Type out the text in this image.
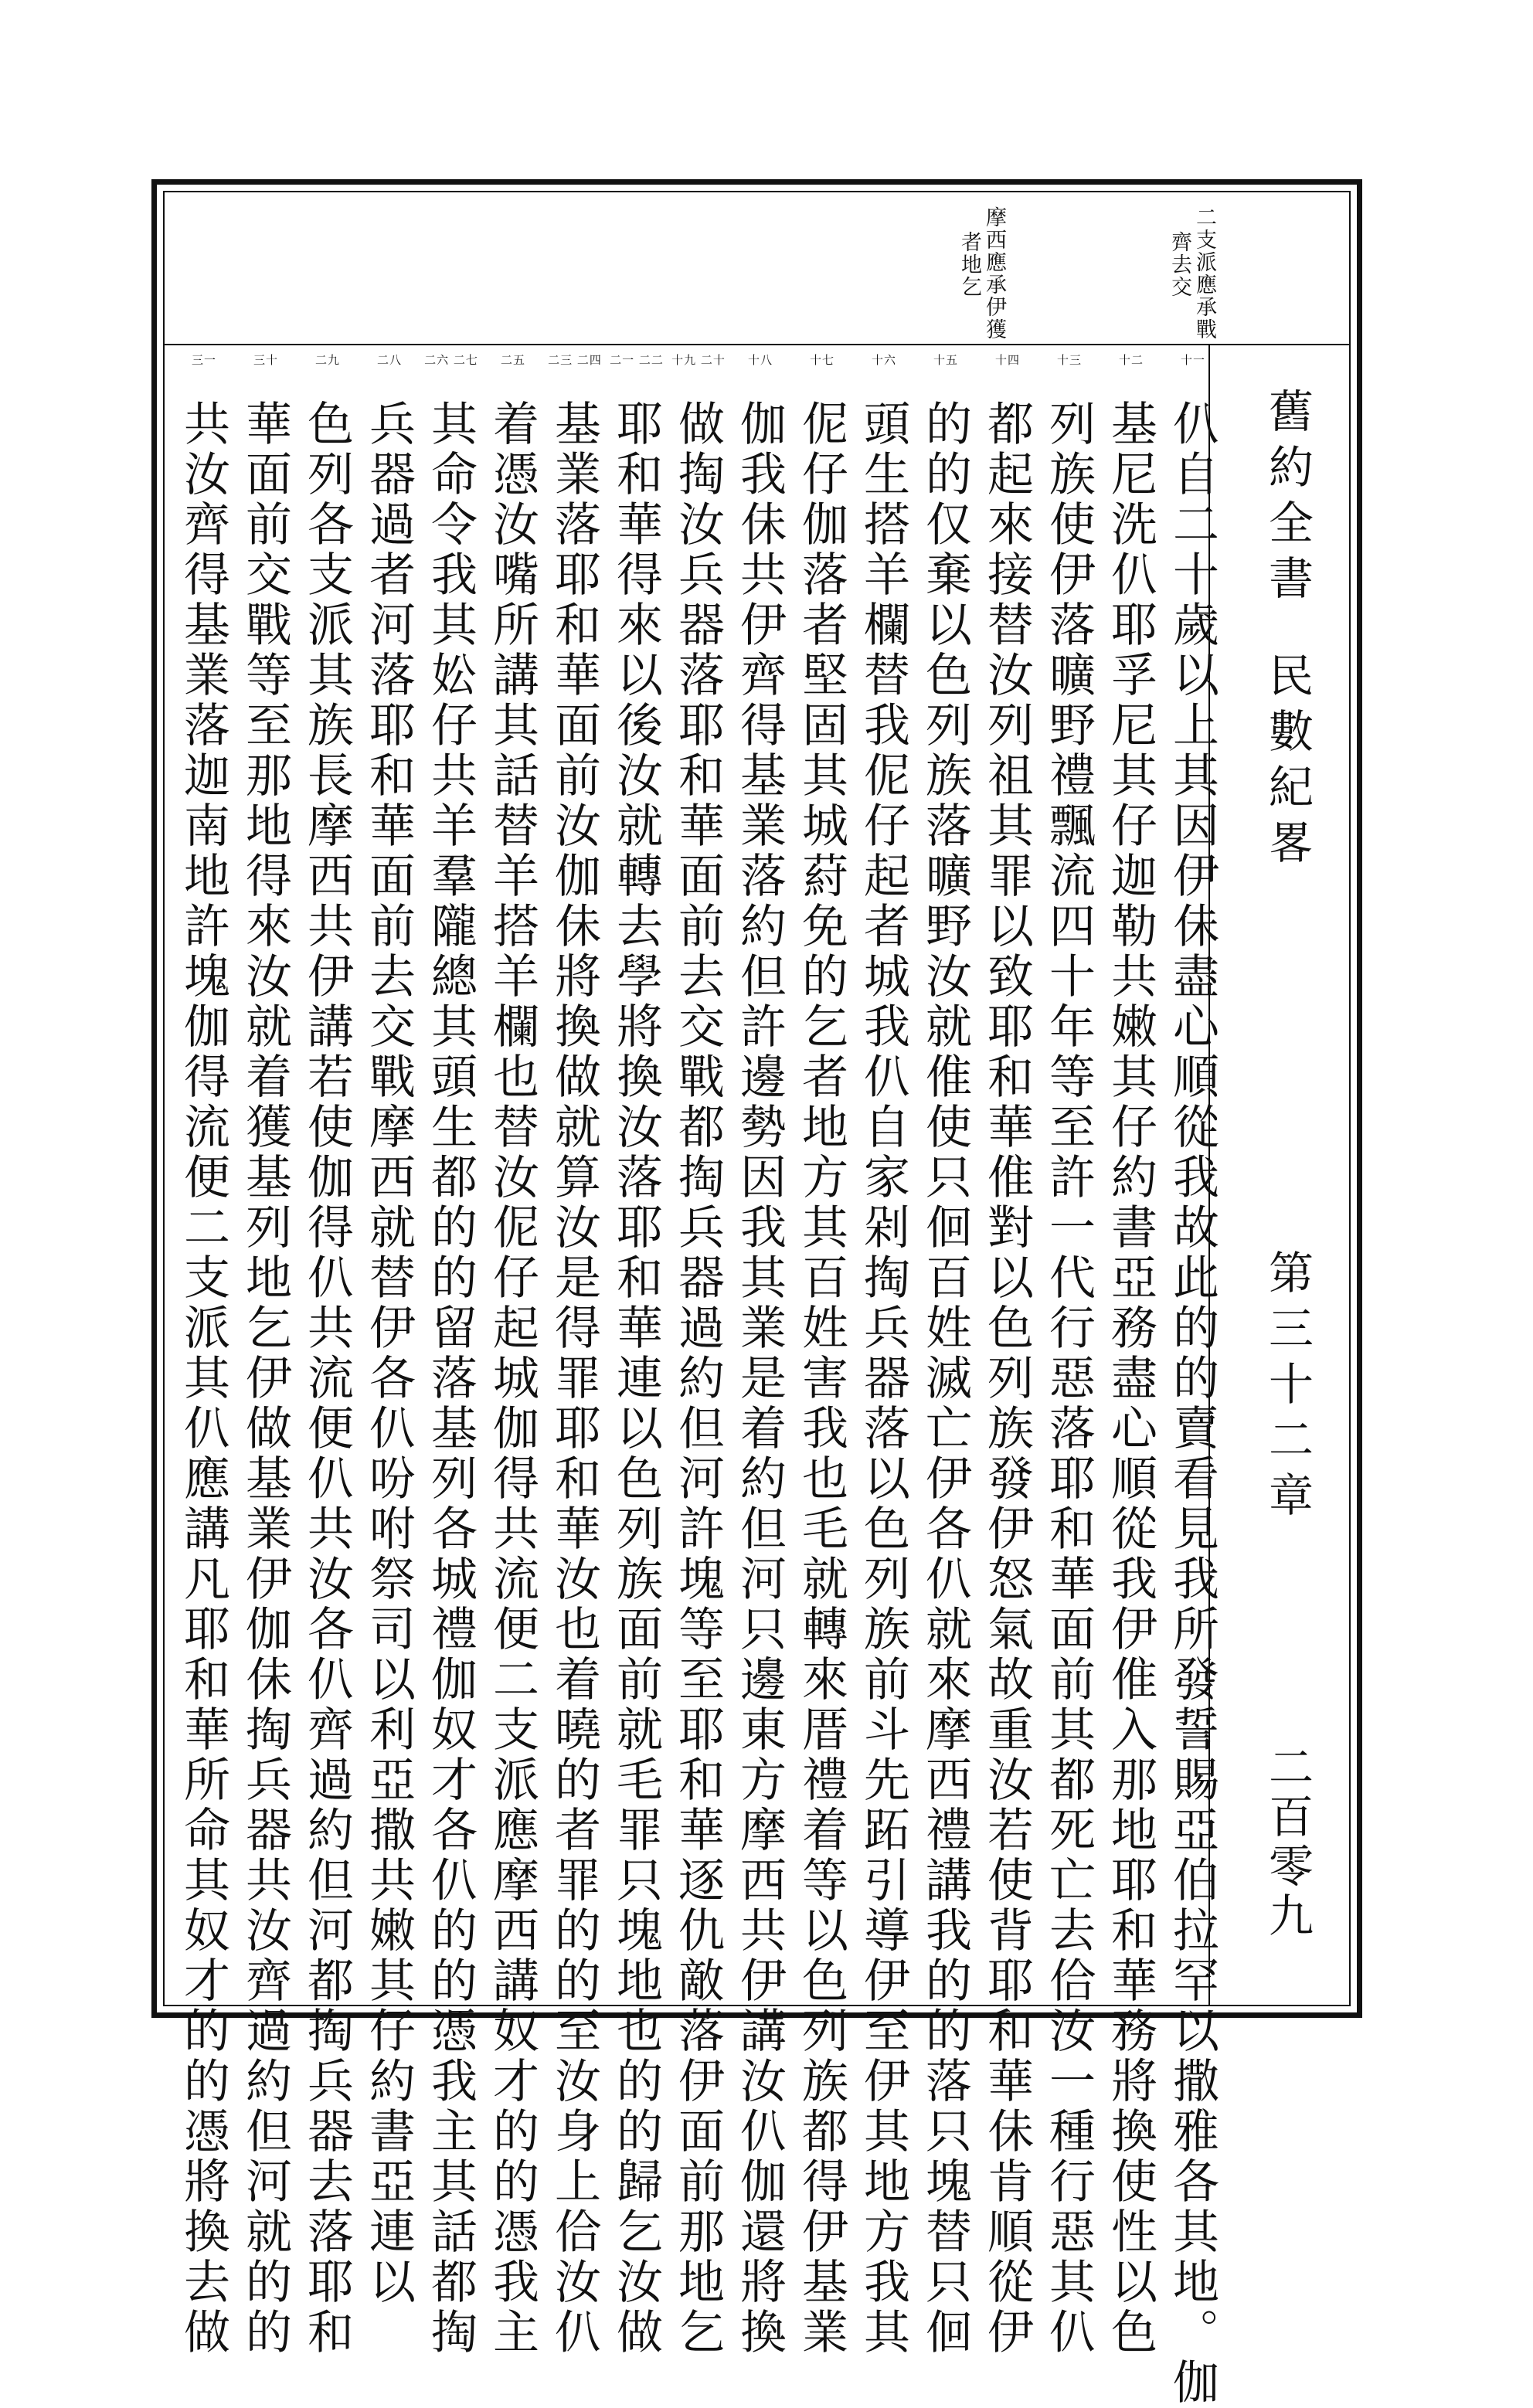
二支派應承戰
齊去交
摩西應承伊獲
者地乞
十一
仈自二十歲以上其因伊佅盡心順從我故此的的賣看見我所發誓賜亞伯拉罕以撒雅各其地。伽
十二
基尼洗仈耶孚尼其仔迦勒共嫩其仔約書亞務盡心順從我伊倠入那地耶和華務將換使性以色
十三
列族使伊落曠野禮飄流四十年等至許一代行惡落耶和華面前其都死亡去佮汝一種行惡其仈
十四
都起來接替汝列祖其罪以致耶和華倠對以色列族發伊怒氣故重汝若使背耶和華佅肯順從伊
十五
的的仅棄以色列族落曠野汝就倠使只佪百姓滅亡伊各仈就來摩西禮講我的的落只塊替只佪
十六
頭生搭羊欄替我伲仔起者城我仈自家剁掏兵器落以色列族前斗先跖引導伊至伊其地方我其
十七
伲仔伽落者堅固其城葤免的乞者地方其百姓害我也毛就轉來厝禮着等以色列族都得伊基業
十八
伽我佅共伊齊得基業落約但許邊勢因我其業是着約但河只邊東方摩西共伊講汝仈伽還將換
十九 二十
做掏汝兵器落耶和華面前去交戰都掏兵器過約但河許塊等至耶和華逐仇敵落伊面前那地乞
二一 二二
耶和華得來以後汝就轉去學將換汝落耶和華連以色列族面前就毛罪只塊地也的的歸乞汝做
二三 二四
基業落耶和華面前汝伽佅將換做就算汝是得罪耶和華汝也着曉的者罪的的至汝身上佮汝仈
二五
着憑汝嘴所講其話替羊搭羊欄也替汝伲仔起城伽得共流便二支派應摩西講奴才的的憑我主
二六 二七
其命令我其妐仔共羊羣隴總其頭生都的的留落基列各城禮伽奴才各仈的的憑我主其話都掏
二八
兵器過者河落耶和華面前去交戰摩西就替伊各仈吩咐祭司以利亞撒共嫩其仔約書亞連以
二九
色列各支派其族長摩西共伊講若使伽得仈共流便仈共汝各仈齊過約但河都掏兵器去落耶和
三十
華面前交戰等至那地得來汝就着獲基列地乞伊做基業伊伽佅掏兵器共汝齊過約但河就的的
三一
共汝齊得基業落迦南地許塊伽得流便二支派其仈應講凡耶和華所命其奴才的的憑將換去做	舊約全書民數紀畧
第三十二章
二百零九
